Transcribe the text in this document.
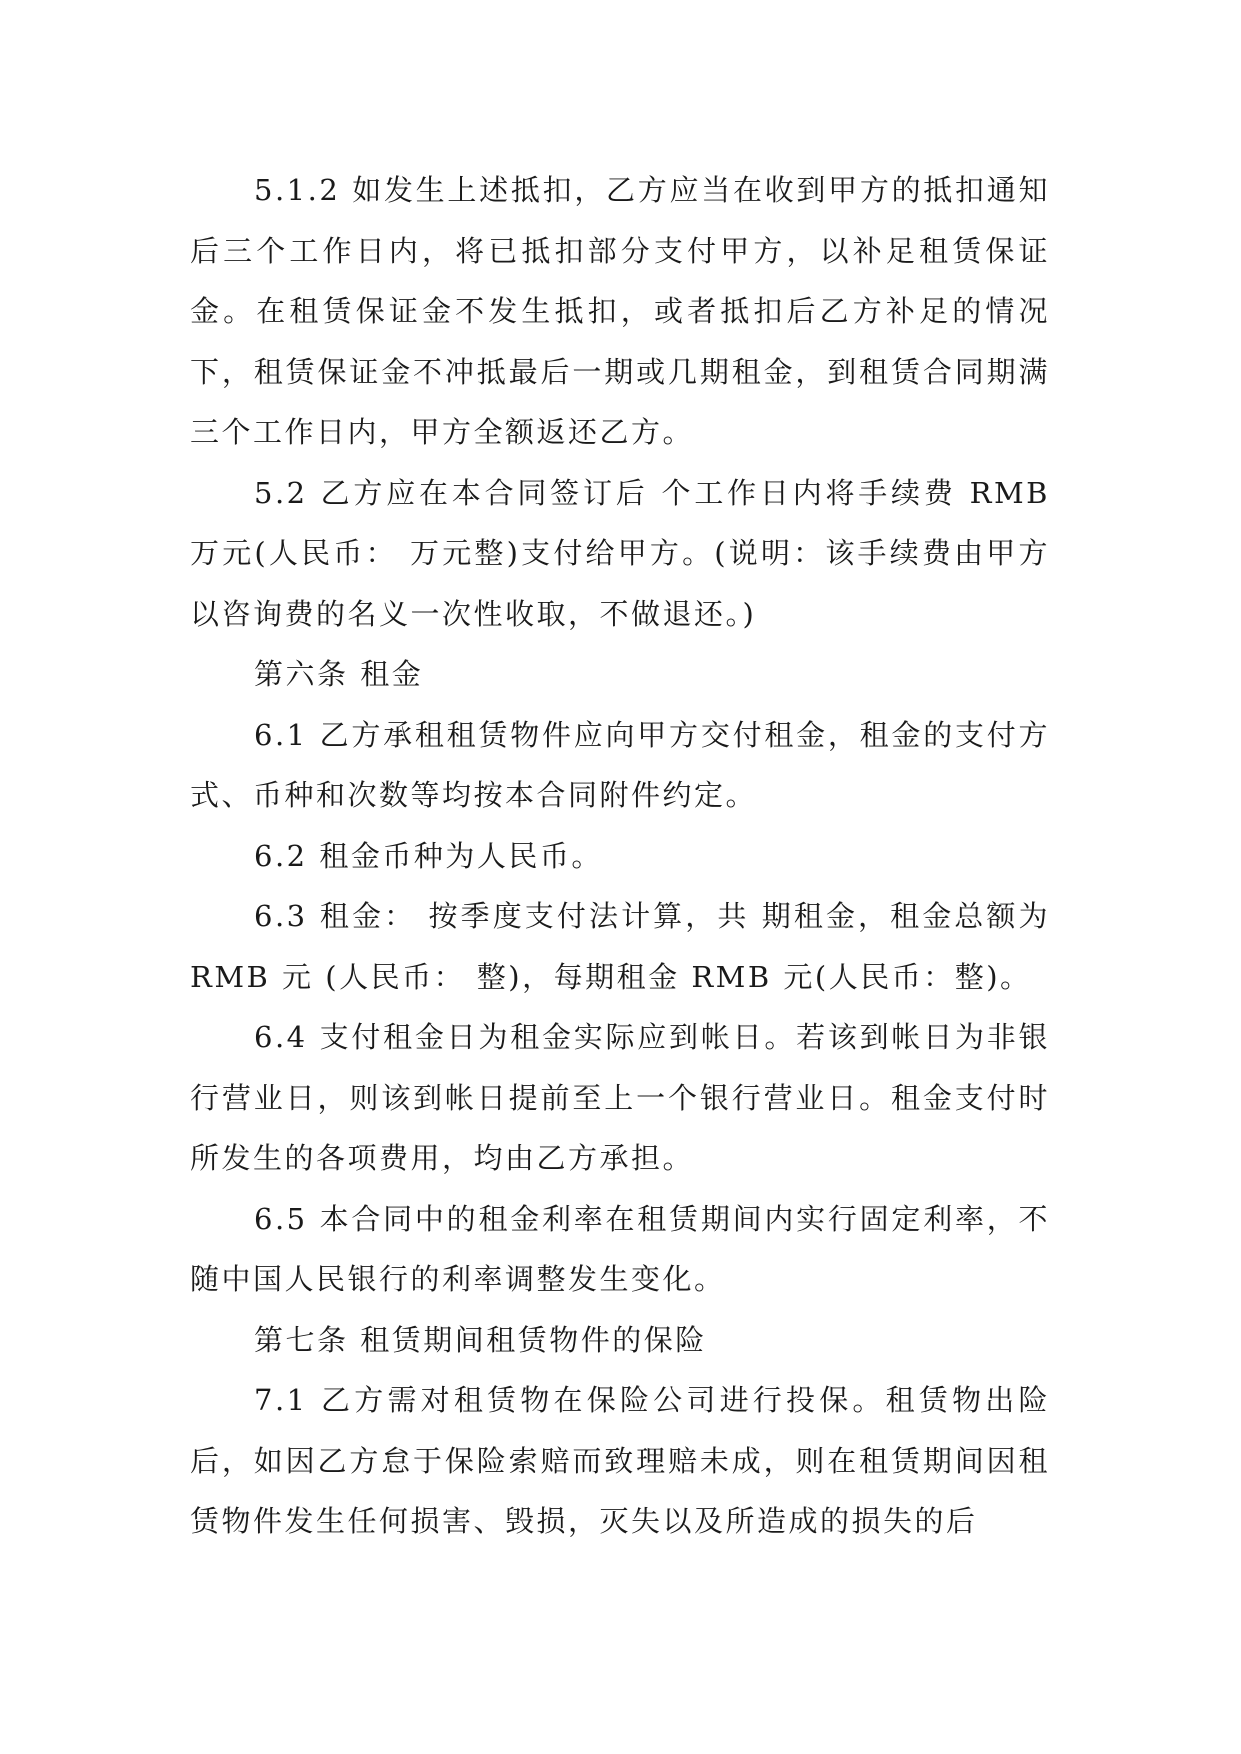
5.1.2 如发生上述抵扣，乙方应当在收到甲方的抵扣通知后三个工作日内，将已抵扣部分支付甲方，以补足租赁保证金。在租赁保证金不发生抵扣，或者抵扣后乙方补足的情况下，租赁保证金不冲抵最后一期或几期租金，到租赁合同期满三个工作日内，甲方全额返还乙方。

5.2 乙方应在本合同签订后 个工作日内将手续费 RMB 万元(人民币： 万元整)支付给甲方。(说明：该手续费由甲方以咨询费的名义一次性收取，不做退还。)

第六条 租金

6.1 乙方承租租赁物件应向甲方交付租金，租金的支付方式、币种和次数等均按本合同附件约定。

6.2 租金币种为人民币。

6.3 租金： 按季度支付法计算，共 期租金，租金总额为 RMB 元 (人民币： 整)，每期租金 RMB 元(人民币：整)。

6.4 支付租金日为租金实际应到帐日。若该到帐日为非银行营业日，则该到帐日提前至上一个银行营业日。租金支付时所发生的各项费用，均由乙方承担。

6.5 本合同中的租金利率在租赁期间内实行固定利率，不随中国人民银行的利率调整发生变化。

第七条 租赁期间租赁物件的保险

7.1 乙方需对租赁物在保险公司进行投保。租赁物出险后，如因乙方怠于保险索赔而致理赔未成，则在租赁期间因租赁物件发生任何损害、毁损，灭失以及所造成的损失的后
